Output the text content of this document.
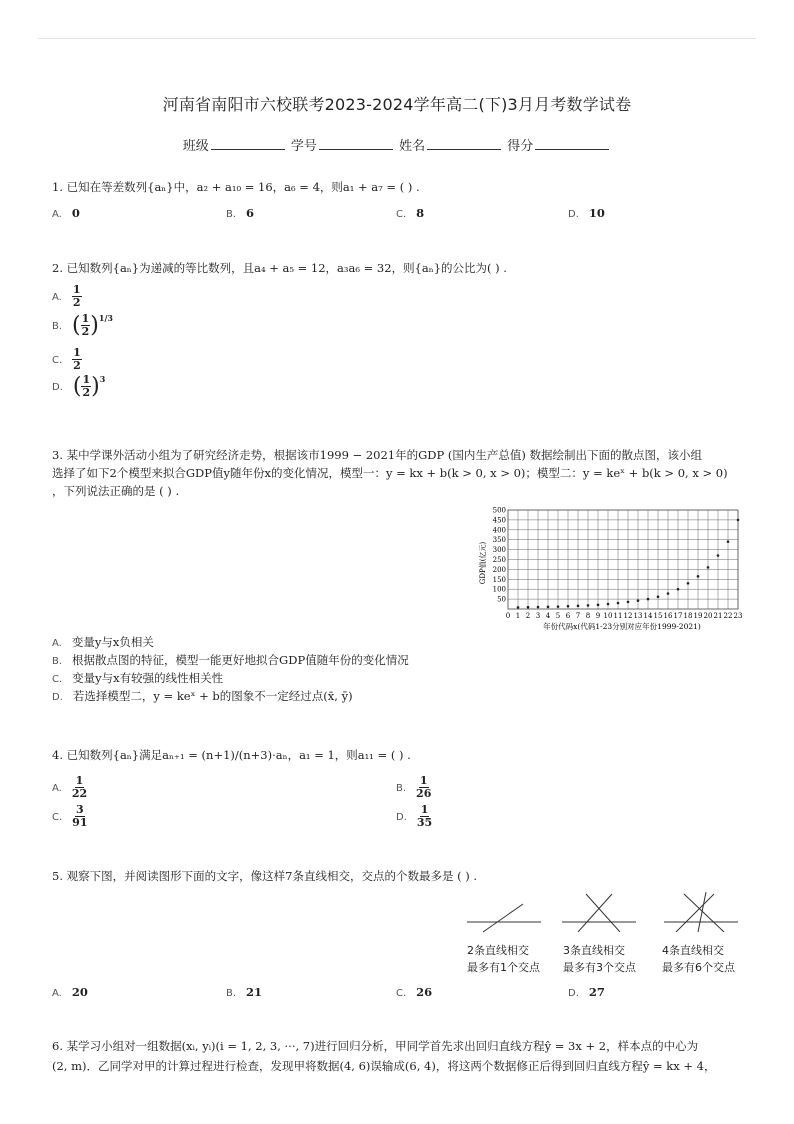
河南省南阳市六校联考2023-2024学年高二(下)3月月考数学试卷
班级	学号	姓名	得分
1. 已知在等差数列{aₙ}中，a₂ + a₁₀ = 16，a₆ = 4，则a₁ + a₇ = ( ) .
A. 0	B. 6	C. 8	D. 10
2. 已知数列{aₙ}为递减的等比数列，且a₄ + a₅ = 12，a₃a₆ = 32，则{aₙ}的公比为( ) .
A. $\frac{1}{2}$
B. ( $\frac{1}{2} )^{1/3}$
C. $\frac{1}{2}$
D. ( $\frac{1}{2} )^3$
3. 某中学课外活动小组为了研究经济走势，根据该市1999 − 2021年的GDP (国内生产总值) 数据绘制出下面的散点图，该小组
选择了如下2个模型来拟合GDP值y随年份x的变化情况，模型一：y = kx + b(k > 0, x > 0)；模型二：y = keˣ + b(k > 0, x > 0)
，下列说法正确的是 ( ) .
GDP值(亿元)
50
100
150
200
250
300
350
400
450
500
0 1 2 3 4 5 6 7 8 9 10 11 12 13 14 15 16 17 18 19 20 21 22 23
年份代码x(代码1-23分别对应年份1999-2021)
A. 变量y与x负相关
B. 根据散点图的特征，模型一能更好地拟合GDP值随年份的变化情况
C. 变量y与x有较强的线性相关性
D. 若选择模型二，y = keˣ + b的图象不一定经过点(x̄, ȳ)
4. 已知数列{aₙ}满足aₙ₊₁ = (n+1)/(n+3)·aₙ，a₁ = 1，则a₁₁ = ( ) .
A. $\frac{1}{22}$	B. $\frac{1}{26}$
C. $\frac{3}{91}$	D. $\frac{1}{35}$
5. 观察下图，并阅读图形下面的文字，像这样7条直线相交，交点的个数最多是 ( ) .
2条直线相交
最多有1个交点
3条直线相交
最多有3个交点
4条直线相交
最多有6个交点
A. 20	B. 21	C. 26	D. 27
6. 某学习小组对一组数据(xᵢ, yᵢ)(i = 1, 2, 3, ···, 7)进行回归分析，甲同学首先求出回归直线方程ŷ = 3x + 2，样本点的中心为
(2, m)．乙同学对甲的计算过程进行检查，发现甲将数据(4, 6)误输成(6, 4)，将这两个数据修正后得到回归直线方程ŷ = kx + 4，
